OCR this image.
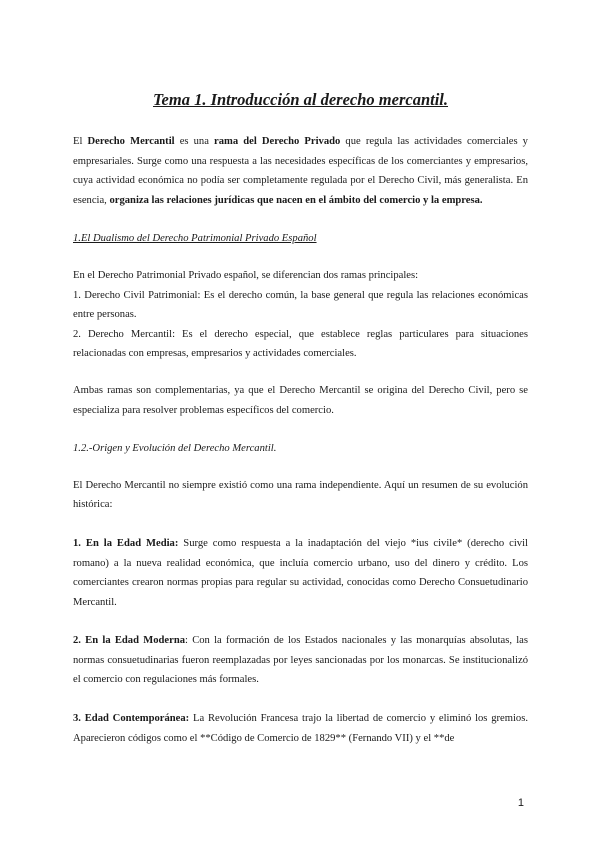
Tema 1. Introducción al derecho mercantil.

El Derecho Mercantil es una rama del Derecho Privado que regula las actividades comerciales y empresariales. Surge como una respuesta a las necesidades específicas de los comerciantes y empresarios, cuya actividad económica no podía ser completamente regulada por el Derecho Civil, más generalista. En esencia, organiza las relaciones jurídicas que nacen en el ámbito del comercio y la empresa.

1.El Dualismo del Derecho Patrimonial Privado Español

En el Derecho Patrimonial Privado español, se diferencian dos ramas principales:

1. Derecho Civil Patrimonial: Es el derecho común, la base general que regula las relaciones económicas entre personas.

2. Derecho Mercantil: Es el derecho especial, que establece reglas particulares para situaciones relacionadas con empresas, empresarios y actividades comerciales.

Ambas ramas son complementarias, ya que el Derecho Mercantil se origina del Derecho Civil, pero se especializa para resolver problemas específicos del comercio.

1.2.-Origen y Evolución del Derecho Mercantil.

El Derecho Mercantil no siempre existió como una rama independiente. Aquí un resumen de su evolución histórica:

1. En la Edad Media: Surge como respuesta a la inadaptación del viejo *ius civile* (derecho civil romano) a la nueva realidad económica, que incluía comercio urbano, uso del dinero y crédito. Los comerciantes crearon normas propias para regular su actividad, conocidas como Derecho Consuetudinario Mercantil.

2. En la Edad Moderna: Con la formación de los Estados nacionales y las monarquías absolutas, las normas consuetudinarias fueron reemplazadas por leyes sancionadas por los monarcas. Se institucionalizó el comercio con regulaciones más formales.

3. Edad Contemporánea: La Revolución Francesa trajo la libertad de comercio y eliminó los gremios. Aparecieron códigos como el **Código de Comercio de 1829** (Fernando VII) y el **de

1
